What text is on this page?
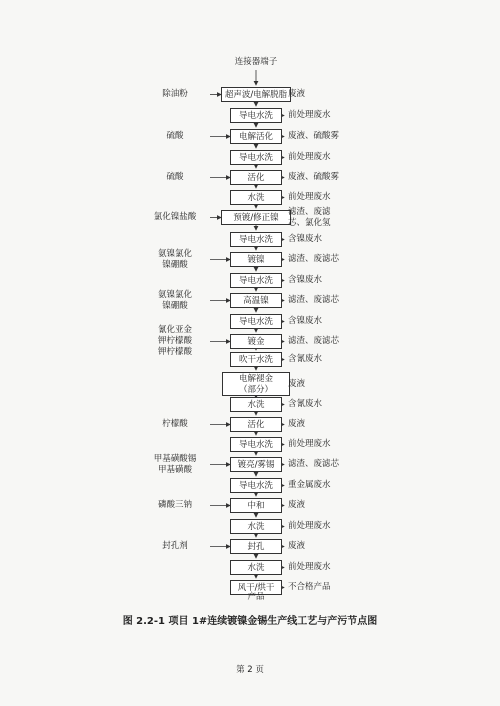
连接器端子
超声波/电解脱脂 废液
除油粉
导电水洗	前处理废水
电解活化	废液、硫酸雾
硫酸
导电水洗	前处理废水
活化	废液、硫酸雾
硫酸
水洗	前处理废水
预镀/修正镍
滤渣、废滤芯、氯化氢
氯化镍盐酸
导电水洗	含镍废水
镀镍	滤渣、废滤芯
氨镍氯化
镍硼酸
导电水洗	含镍废水
高温镍	滤渣、废滤芯
氨镍氯化
镍硼酸
导电水洗	含镍废水
镀金	滤渣、废滤芯
氰化亚金
钾柠檬酸
钾柠檬酸
吹干水洗	含氰废水
电解褪金
（部分）
废液
水洗	含氰废水
活化	废液
柠檬酸
导电水洗	前处理废水
镀亮/雾锡	滤渣、废滤芯
甲基磺酸锡
甲基磺酸
导电水洗	重金属废水
中和	废液
磷酸三钠
水洗	前处理废水
封孔	废液
封孔剂
水洗	前处理废水
风干/烘干	不合格产品
产品
图 2.2-1 项目 1#连续镀镍金锡生产线工艺与产污节点图
第 2 页
